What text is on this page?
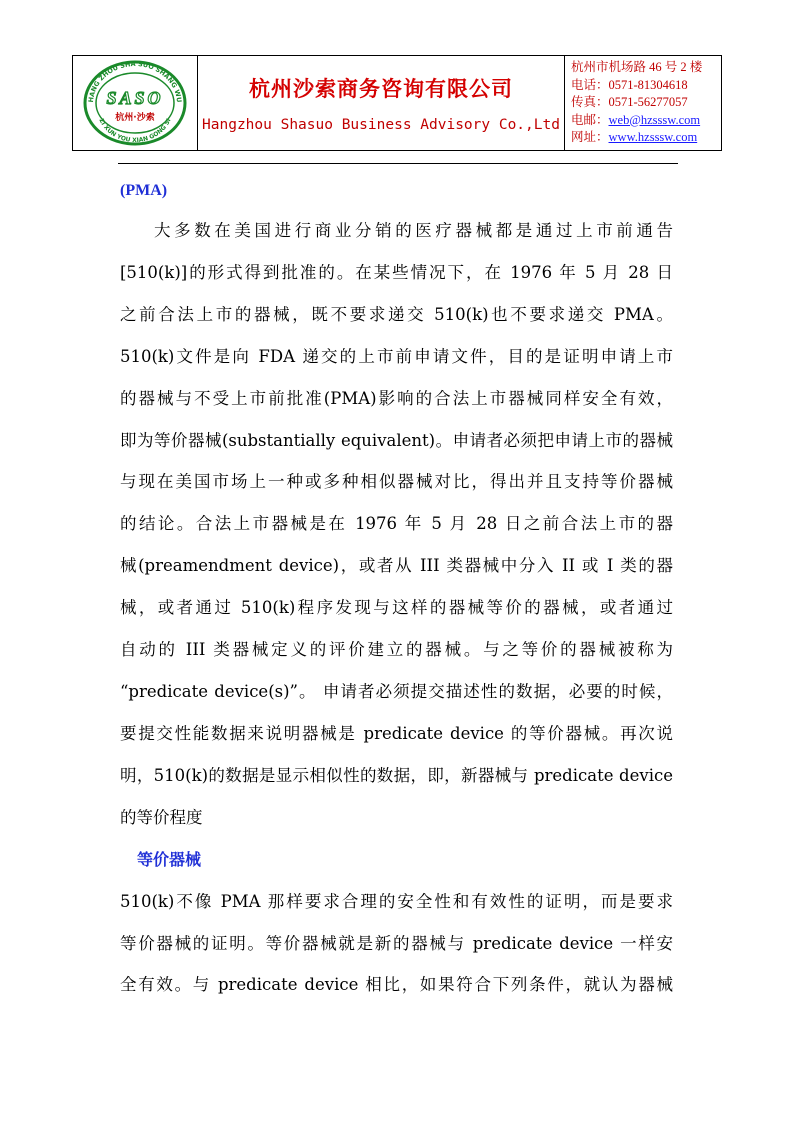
HANG ZHOU SHA SUO SHANG WU
ZI XUN YOU XIAN GONG SI
SASO
杭州·沙索
杭州沙索商务咨询有限公司
Hangzhou Shasuo Business Advisory Co.,Ltd
杭州市机场路 46 号 2 楼
电话：0571-81304618
传真：0571-56277057
电邮：web@hzsssw.com
网址：www.hzsssw.com
(PMA)
大多数在美国进行商业分销的医疗器械都是通过上市前通告
[510(k)]的形式得到批准的。在某些情况下，在 1976 年 5 月 28 日
之前合法上市的器械，既不要求递交 510(k)也不要求递交 PMA。
510(k)文件是向 FDA 递交的上市前申请文件，目的是证明申请上市
的器械与不受上市前批准(PMA)影响的合法上市器械同样安全有效，
即为等价器械(substantially equivalent)。申请者必须把申请上市的器械
与现在美国市场上一种或多种相似器械对比，得出并且支持等价器械
的结论。合法上市器械是在 1976 年 5 月 28 日之前合法上市的器
械(preamendment device)，或者从 III 类器械中分入 II 或 I 类的器
械，或者通过 510(k)程序发现与这样的器械等价的器械，或者通过
自动的 III 类器械定义的评价建立的器械。与之等价的器械被称为
“predicate device(s)”。 申请者必须提交描述性的数据，必要的时候，
要提交性能数据来说明器械是 predicate device 的等价器械。再次说
明，510(k)的数据是显示相似性的数据，即，新器械与 predicate device
的等价程度
等价器械
510(k)不像 PMA 那样要求合理的安全性和有效性的证明，而是要求
等价器械的证明。等价器械就是新的器械与 predicate device 一样安
全有效。与 predicate device 相比，如果符合下列条件，就认为器械
